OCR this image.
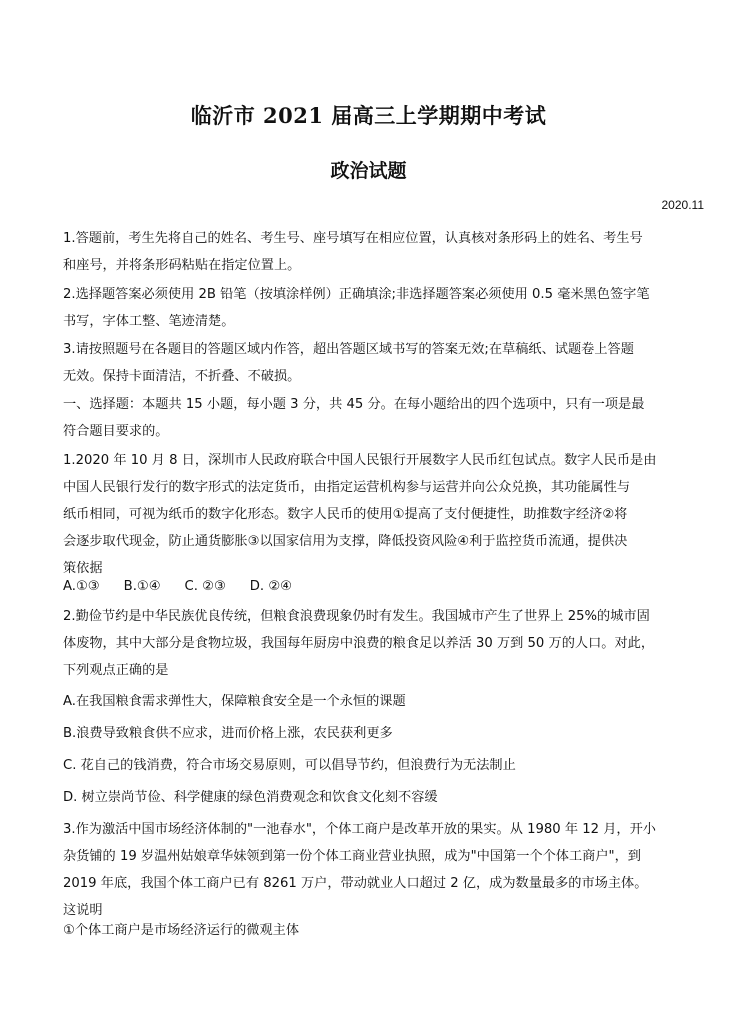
临沂市 2021 届高三上学期期中考试
政治试题
2020.11
1.答题前，考生先将自己的姓名、考生号、座号填写在相应位置，认真核对条形码上的姓名、考生号
和座号，并将条形码粘贴在指定位置上。
2.选择题答案必须使用 2B 铅笔（按填涂样例）正确填涂;非选择题答案必须使用 0.5 毫米黑色签字笔
书写，字体工整、笔迹清楚。
3.请按照题号在各题目的答题区域内作答，超出答题区域书写的答案无效;在草稿纸、试题卷上答题
无效。保持卡面清洁，不折叠、不破损。
一、选择题：本题共 15 小题，每小题 3 分，共 45 分。在每小题给出的四个选项中，只有一项是最
符合题目要求的。
1.2020 年 10 月 8 日，深圳市人民政府联合中国人民银行开展数字人民币红包试点。数字人民币是由
中国人民银行发行的数字形式的法定货币，由指定运营机构参与运营并向公众兑换，其功能属性与
纸币相同，可视为纸币的数字化形态。数字人民币的使用①提高了支付便捷性，助推数字经济②将
会逐步取代现金，防止通货膨胀③以国家信用为支撑，降低投资风险④利于监控货币流通，提供决
策依据
A.①③ B.①④ C. ②③ D. ②④
2.勤俭节约是中华民族优良传统，但粮食浪费现象仍时有发生。我国城市产生了世界上 25%的城市固
体废物，其中大部分是食物垃圾，我国每年厨房中浪费的粮食足以养活 30 万到 50 万的人口。对此，
下列观点正确的是
A.在我国粮食需求弹性大，保障粮食安全是一个永恒的课题
B.浪费导致粮食供不应求，进而价格上涨，农民获利更多
C. 花自己的钱消费，符合市场交易原则，可以倡导节约，但浪费行为无法制止
D. 树立崇尚节俭、科学健康的绿色消费观念和饮食文化刻不容缓
3.作为激活中国市场经济体制的"一池春水"，个体工商户是改革开放的果实。从 1980 年 12 月，开小
杂货铺的 19 岁温州姑娘章华妹领到第一份个体工商业营业执照，成为"中国第一个个体工商户"，到
2019 年底，我国个体工商户已有 8261 万户，带动就业人口超过 2 亿，成为数量最多的市场主体。
这说明
①个体工商户是市场经济运行的微观主体
